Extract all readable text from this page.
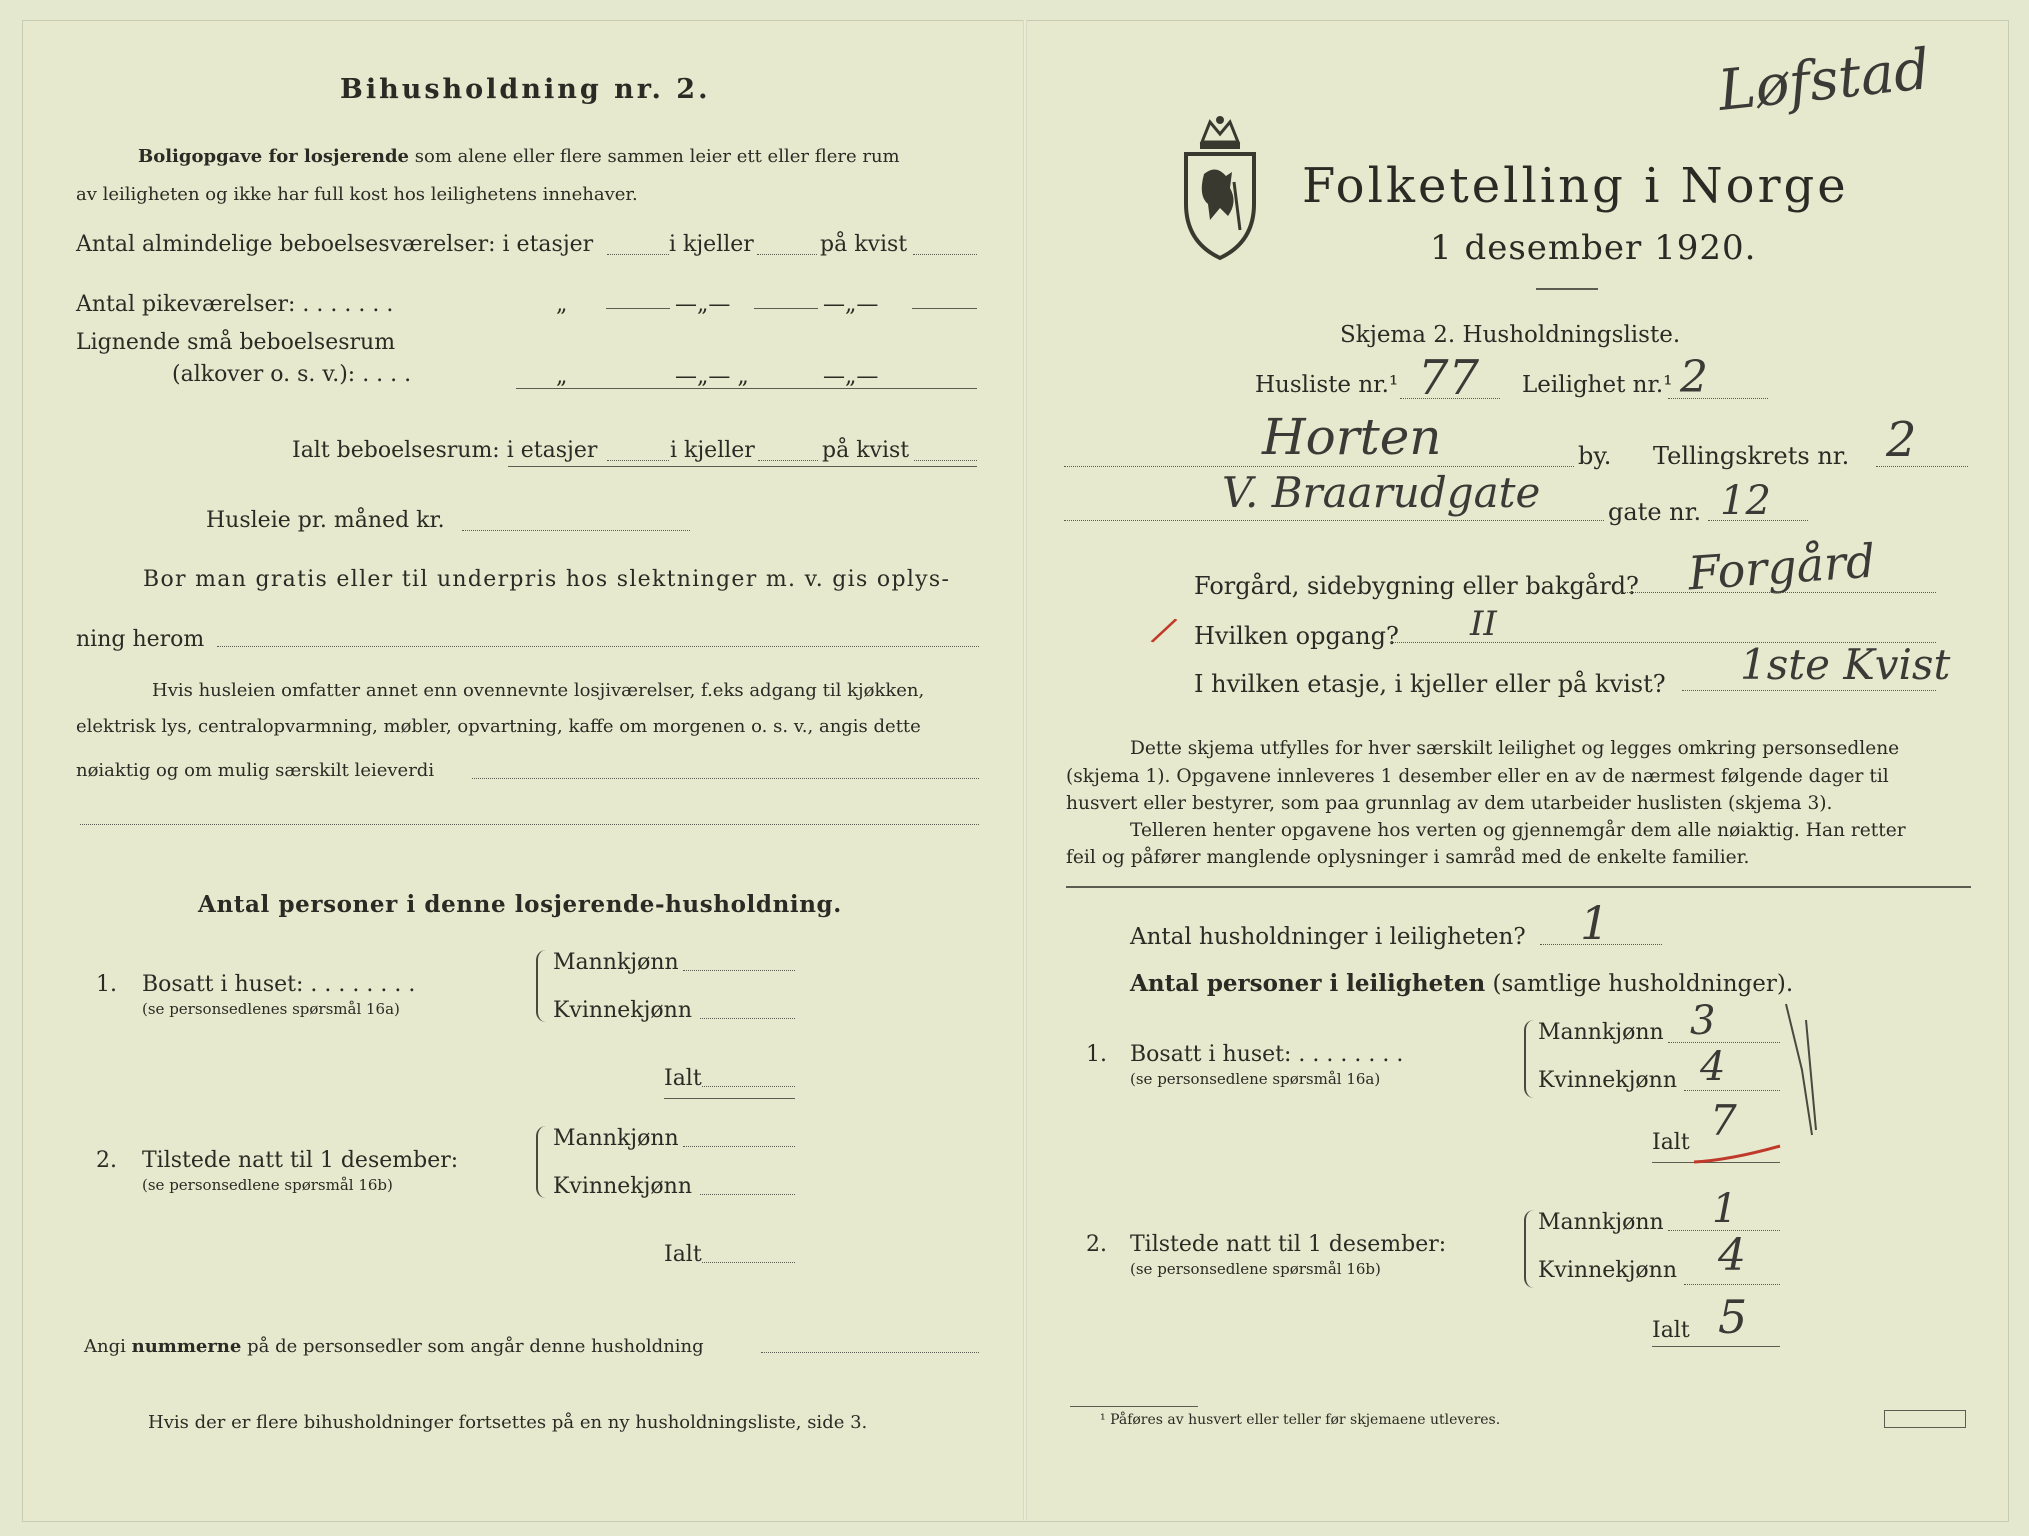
Bihusholdning nr. 2.
Boligopgave for losjerende som alene eller flere sammen leier ett eller flere rum
av leiligheten og ikke har full kost hos leilighetens innehaver.
Antal almindelige beboelsesværelser: i etasjer	i kjeller	på kvist
Antal pikeværelser: . . . . . . .	„	—„—	—„—
Lignende små beboelsesrum
(alkover o. s. v.): . . . .	„	—„— „	—„—
Ialt beboelsesrum: i etasjer	i kjeller	på kvist
Husleie pr. måned kr.
Bor man gratis eller til underpris hos slektninger m. v. gis oplys-
ning herom
Hvis husleien omfatter annet enn ovennevnte losjiværelser, f.eks adgang til kjøkken,
elektrisk lys, centralopvarmning, møbler, opvartning, kaffe om morgenen o. s. v., angis dette
nøiaktig og om mulig særskilt leieverdi
Antal personer i denne losjerende-husholdning.
1. Bosatt i huset: . . . . . . . .
(se personsedlenes spørsmål 16a)
Mannkjønn
Kvinnekjønn
Ialt
2. Tilstede natt til 1 desember:
(se personsedlene spørsmål 16b)
Mannkjønn
Kvinnekjønn
Ialt
Angi nummerne på de personsedler som angår denne husholdning
Hvis der er flere bihusholdninger fortsettes på en ny husholdningsliste, side 3.
Løfstad
Folketelling i Norge
1 desember 1920.
Skjema 2. Husholdningsliste.
Husliste nr.¹ 77 Leilighet nr.¹ 2
Horten	by. Tellingskrets nr. 2
V. Braarudgate	gate nr. 12
Forgård, sidebygning eller bakgård? Forgård
/ Hvilken opgang? II
I hvilken etasje, i kjeller eller på kvist? 1ste Kvist
Dette skjema utfylles for hver særskilt leilighet og legges omkring personsedlene
(skjema 1). Opgavene innleveres 1 desember eller en av de nærmest følgende dager til
husvert eller bestyrer, som paa grunnlag av dem utarbeider huslisten (skjema 3).
Telleren henter opgavene hos verten og gjennemgår dem alle nøiaktig. Han retter
feil og påfører manglende oplysninger i samråd med de enkelte familier.
Antal husholdninger i leiligheten? 1
Antal personer i leiligheten (samtlige husholdninger).
1. Bosatt i huset: . . . . . . . .
(se personsedlene spørsmål 16a)
Mannkjønn 3
Kvinnekjønn 4
Ialt 7
2. Tilstede natt til 1 desember:
(se personsedlene spørsmål 16b)
Mannkjønn 1
Kvinnekjønn 4
Ialt 5
¹ Påføres av husvert eller teller før skjemaene utleveres.
